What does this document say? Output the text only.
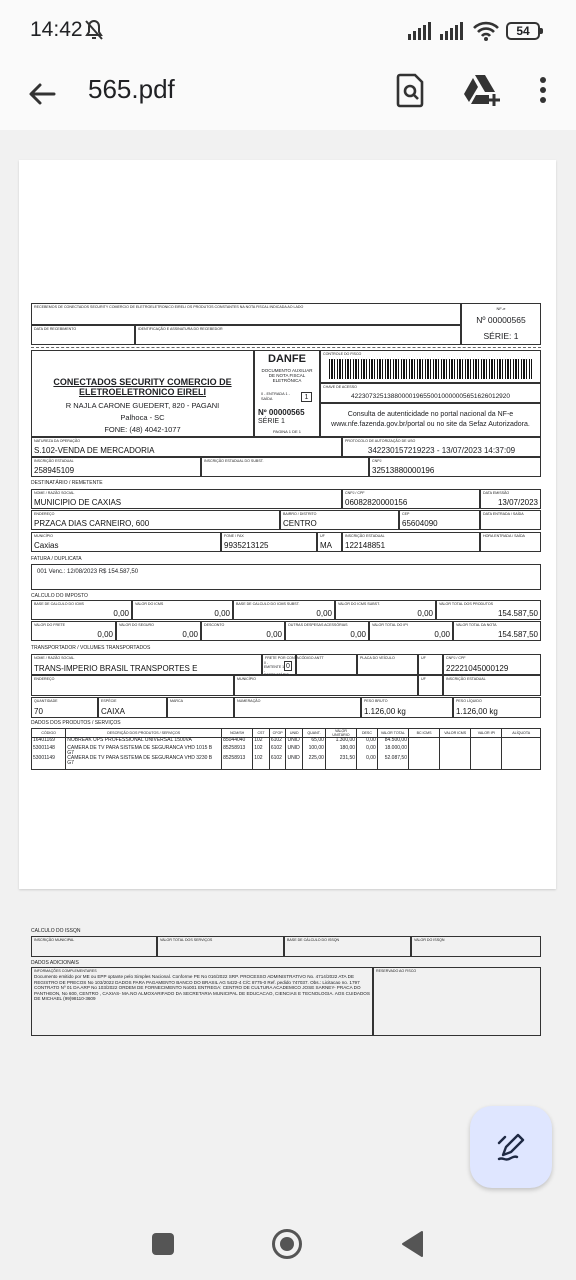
14:42	54
565.pdf
RECEBEMOS DE CONECTADOS SECURITY COMERCIO DE ELETROELETRONICO EIRELI OS PRODUTOS CONSTANTES NA NOTA FISCAL INDICADA AO LADO
DATA DE RECEBIMENTO	IDENTIFICAÇÃO E ASSINATURA DO RECEBEDOR
NF-e
Nº 00000565
SÉRIE: 1
CONECTADOS SECURITY COMERCIO DE ELETROELETRONICO EIRELI
R NAJLA CARONE GUEDERT, 820 - PAGANI
Palhoca - SC
FONE: (48) 4042-1077
DANFE
DOCUMENTO AUXILIAR DE NOTA FISCAL ELETRÔNICA
0 - ENTRADA 1 - SAÍDA	1
Nº 00000565
SÉRIE 1
PAGINA 1 DE 1
CONTROLE DO FISCO
CHAVE DE ACESSO
42230732513880000196550010000005651626012920
Consulta de autenticidade no portal nacional da NF-e www.nfe.fazenda.gov.br/portal ou no site da Sefaz Autorizadora.
NATUREZA DA OPERAÇÃO
S.102-VENDA DE MERCADORIA
PROTOCOLO DE AUTORIZAÇÃO DE USO
342230157219223 - 13/07/2023 14:37:09
INSCRIÇÃO ESTADUAL
258945109
INSCRIÇÃO ESTADUAL DO SUBST.	CNPJ
32513880000196
DESTINATÁRIO / REMETENTE
NOME / RAZÃO SOCIAL
MUNICIPIO DE CAXIAS
CNPJ / CPF
06082820000156
DATA EMISSÃO
13/07/2023
ENDEREÇO
PRZACA DIAS CARNEIRO, 600
BAIRRO / DISTRITO
CENTRO
CEP
65604090
DATA ENTRADA / SAÍDA
MUNICÍPIO
Caxias
FONE / FAX
9935213125
UF
MA
INSCRIÇÃO ESTADUAL
122148851
HORA ENTRADA / SAÍDA
FATURA / DUPLICATA
001 Venc.: 12/08/2023 R$ 154.587,50
CALCULO DO IMPOSTO
BASE DE CALCULO DO ICMS
0,00
VALOR DO ICMS
0,00
BASE DE CALCULO DO ICMS SUBST.
0,00
VALOR DO ICMS SUBST.
0,00
VALOR TOTAL DOS PRODUTOS
154.587,50
VALOR DO FRETE
0,00
VALOR DO SEGURO
0,00
DESCONTO
0,00
OUTRAS DESPESAS ACESSÓRIAS
0,00
VALOR TOTAL DO IPI
0,00
VALOR TOTAL DA NOTA
154.587,50
TRANSPORTADOR / VOLUMES TRANSPORTADOS
NOME / RAZÃO SOCIAL
TRANS-IMPERIO BRASIL TRANSPORTES E
FRETE POR CONTA
0 - EMITENTE 1 - DESTINATÁRIO
0
CÓDIGO ANTT	PLACA DO VEÍCULO	UF	CNPJ / CPF
22221045000129
ENDEREÇO	MUNICÍPIO	UF	INSCRIÇÃO ESTADUAL
QUANTIDADE
70
ESPÉCIE
CAIXA
MARCA	NUMERAÇÃO	PESO BRUTO
1.126,00 kg
PESO LÍQUIDO
1.126,00 kg
DADOS DOS PRODUTOS / SERVIÇOS
CÓDIGO	DESCRIÇÃO DOS PRODUTOS / SERVIÇOS	NCM/SH	CST	CFOP	UNID	QUANT.	VALOR UNITÁRIO	DESC	VALOR TOTAL	BC ICMS	VALOR ICMS	VALOR IPI	ALÍQUOTA
16401169	NOBREAK UPS PROFESSIONAL UNIVERSAL 1500VA	85044040	102	6102	UNID	65,00	1.300,00	0,00	84.500,00				
53001148	CAMERA DE TV PARA SISTEMA DE SEGURANCA VHD 1015 B G7	85258913	102	6102	UNID	100,00	180,00	0,00	18.000,00				
53001149	CAMERA DE TV PARA SISTEMA DE SEGURANCA VHD 3230 B G7	85258913	102	6102	UNID	225,00	231,50	0,00	52.087,50				

CALCULO DO ISSQN
INSCRIÇÃO MUNICIPAL	VALOR TOTAL DOS SERVIÇOS	BASE DE CÁLCULO DO ISSQN	VALOR DO ISSQN
DADOS ADICIONAIS
INFORMAÇÕES COMPLEMENTARES
Documento emitido por ME ou EPP optante pelo Simples Nacional. Conforme PE No 016/2022 SRP. PROCESSO ADMINISTRATIVO No. 4714/2022 ATA DE REGISTRO DE PRECOS No 103/2022 DADOS PARA PAGAMENTO BANCO DO BRASIL AG 5422-4 C/C 8775-0 Ref. pedido 747037. Obs.: Licitacao no. 1797 CONTRATO Nº 01 DA ARP No 103/2022 ORDEM DE FORNECIMENTO No001 ENTREGA: CENTRO DE CULTURA ACADEMICO JOSE SARNEY- PRACA DO PANTHEON, No 600, CENTRO , CAXIAS- MA.NO ALMOXARIFADO DA SECRETARIA MUNICIPAL DE EDUCACAO, CIENCIAS E TECNOLOGIA. AOS CUIDADOS DE MICHAEL (99)98110-3609
RESERVADO AO FISCO
